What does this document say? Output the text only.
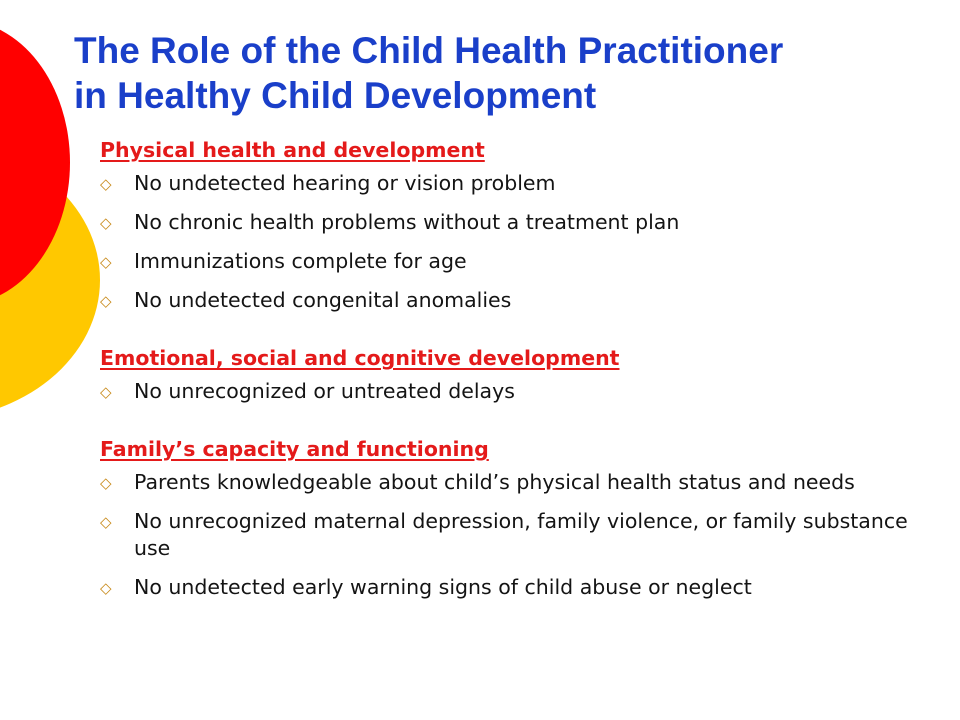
The Role of the Child Health Practitioner
in Healthy Child Development

Physical health and development

◇ No undetected hearing or vision problem
◇ No chronic health problems without a treatment plan
◇ Immunizations complete for age
◇ No undetected congenital anomalies

Emotional, social and cognitive development

◇ No unrecognized or untreated delays

Family’s capacity and functioning

◇ Parents knowledgeable about child’s physical health status and needs
◇ No unrecognized maternal depression, family violence, or family substance use
◇ No undetected early warning signs of child abuse or neglect
